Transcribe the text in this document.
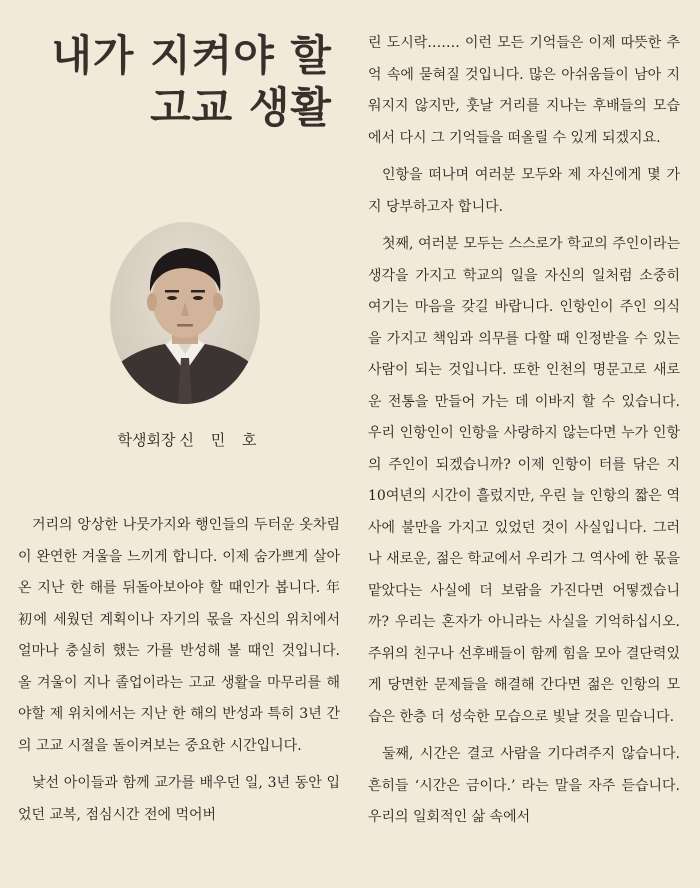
내가 지켜야 할
고교 생활
학생회장 신 민 호

거리의 앙상한 나뭇가지와 행인들의 두터운 옷차림이 완연한 겨울을 느끼게 합니다. 이제 숨가쁘게 살아온 지난 한 해를 뒤돌아보아야 할 때인가 봅니다. 年初에 세웠던 계획이나 자기의 몫을 자신의 위치에서 얼마나 충실히 했는 가를 반성해 볼 때인 것입니다. 올 겨울이 지나 졸업이라는 고교 생활을 마무리를 해야할 제 위치에서는 지난 한 해의 반성과 특히 3년 간의 고교 시절을 돌이켜보는 중요한 시간입니다.

낯선 아이들과 함께 교가를 배우던 일, 3년 동안 입었던 교복, 점심시간 전에 먹어버

린 도시락……. 이런 모든 기억들은 이제 따뜻한 추억 속에 묻혀질 것입니다. 많은 아쉬움들이 남아 지워지지 않지만, 훗날 거리를 지나는 후배들의 모습에서 다시 그 기억들을 떠올릴 수 있게 되겠지요.

인항을 떠나며 여러분 모두와 제 자신에게 몇 가지 당부하고자 합니다.

첫째, 여러분 모두는 스스로가 학교의 주인이라는 생각을 가지고 학교의 일을 자신의 일처럼 소중히 여기는 마음을 갖길 바랍니다. 인항인이 주인 의식을 가지고 책임과 의무를 다할 때 인정받을 수 있는 사람이 되는 것입니다. 또한 인천의 명문고로 새로운 전통을 만들어 가는 데 이바지 할 수 있습니다. 우리 인항인이 인항을 사랑하지 않는다면 누가 인항의 주인이 되겠습니까? 이제 인항이 터를 닦은 지 10여년의 시간이 흘렀지만, 우린 늘 인항의 짧은 역사에 불만을 가지고 있었던 것이 사실입니다. 그러나 새로운, 젊은 학교에서 우리가 그 역사에 한 몫을 맡았다는 사실에 더 보람을 가진다면 어떻겠습니까? 우리는 혼자가 아니라는 사실을 기억하십시오. 주위의 친구나 선후배들이 함께 힘을 모아 결단력있게 당면한 문제들을 해결해 간다면 젊은 인항의 모습은 한층 더 성숙한 모습으로 빛날 것을 믿습니다.

둘째, 시간은 결코 사람을 기다려주지 않습니다. 흔히들 ‘시간은 금이다.’ 라는 말을 자주 듣습니다. 우리의 일회적인 삶 속에서
